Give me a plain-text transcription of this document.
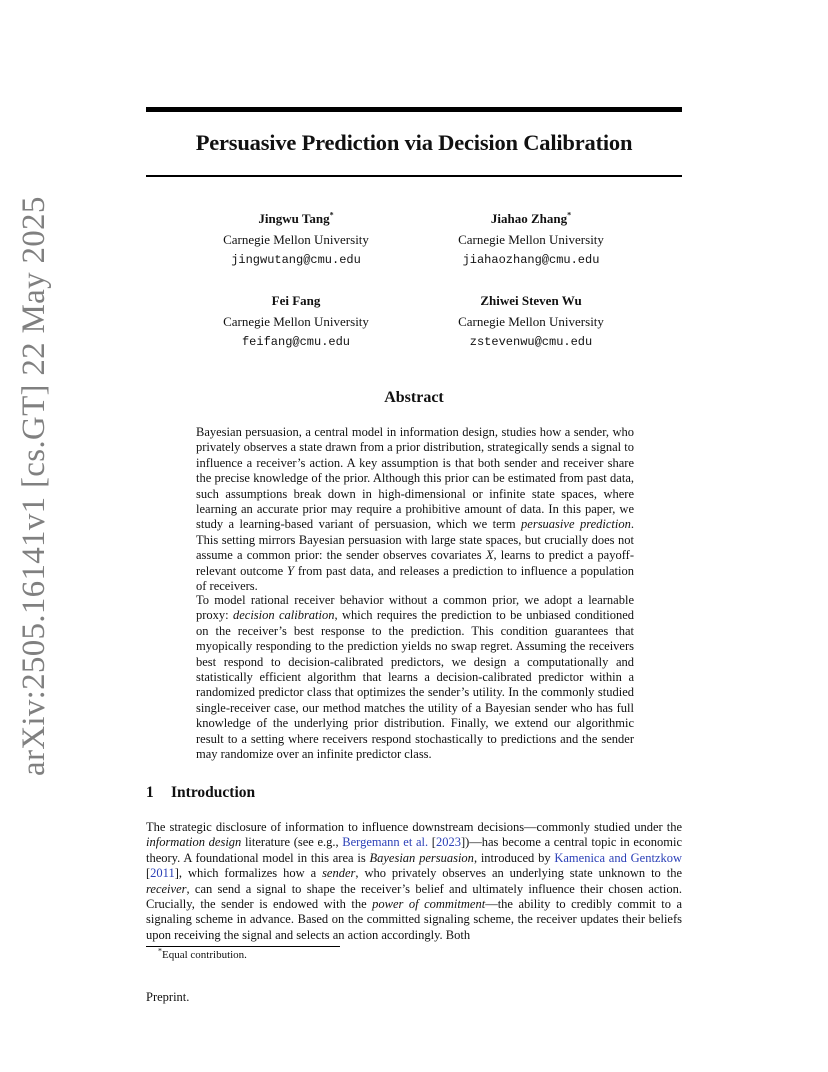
arXiv:2505.16141v1 [cs.GT] 22 May 2025
Persuasive Prediction via Decision Calibration
Jingwu Tang*
Carnegie Mellon University
jingwutang@cmu.edu
Jiahao Zhang*
Carnegie Mellon University
jiahaozhang@cmu.edu
Fei Fang
Carnegie Mellon University
feifang@cmu.edu
Zhiwei Steven Wu
Carnegie Mellon University
zstevenwu@cmu.edu
Abstract

Bayesian persuasion, a central model in information design, studies how a sender, who privately observes a state drawn from a prior distribution, strategically sends a signal to influence a receiver’s action. A key assumption is that both sender and receiver share the precise knowledge of the prior. Although this prior can be estimated from past data, such assumptions break down in high-dimensional or infinite state spaces, where learning an accurate prior may require a prohibitive amount of data. In this paper, we study a learning-based variant of persuasion, which we term persuasive prediction. This setting mirrors Bayesian persuasion with large state spaces, but crucially does not assume a common prior: the sender observes covariates X, learns to predict a payoff-relevant outcome Y from past data, and releases a prediction to influence a population of receivers.

To model rational receiver behavior without a common prior, we adopt a learnable proxy: decision calibration, which requires the prediction to be unbiased conditioned on the receiver’s best response to the prediction. This condition guarantees that myopically responding to the prediction yields no swap regret. Assuming the receivers best respond to decision-calibrated predictors, we design a computationally and statistically efficient algorithm that learns a decision-calibrated predictor within a randomized predictor class that optimizes the sender’s utility. In the commonly studied single-receiver case, our method matches the utility of a Bayesian sender who has full knowledge of the underlying prior distribution. Finally, we extend our algorithmic result to a setting where receivers respond stochastically to predictions and the sender may randomize over an infinite predictor class.

1 Introduction

The strategic disclosure of information to influence downstream decisions—commonly studied under the information design literature (see e.g., Bergemann et al. [2023])—has become a central topic in economic theory. A foundational model in this area is Bayesian persuasion, introduced by Kamenica and Gentzkow [2011], which formalizes how a sender, who privately observes an underlying state unknown to the receiver, can send a signal to shape the receiver’s belief and ultimately influence their chosen action. Crucially, the sender is endowed with the power of commitment—the ability to credibly commit to a signaling scheme in advance. Based on the committed signaling scheme, the receiver updates their beliefs upon receiving the signal and selects an action accordingly. Both

*Equal contribution.
Preprint.
